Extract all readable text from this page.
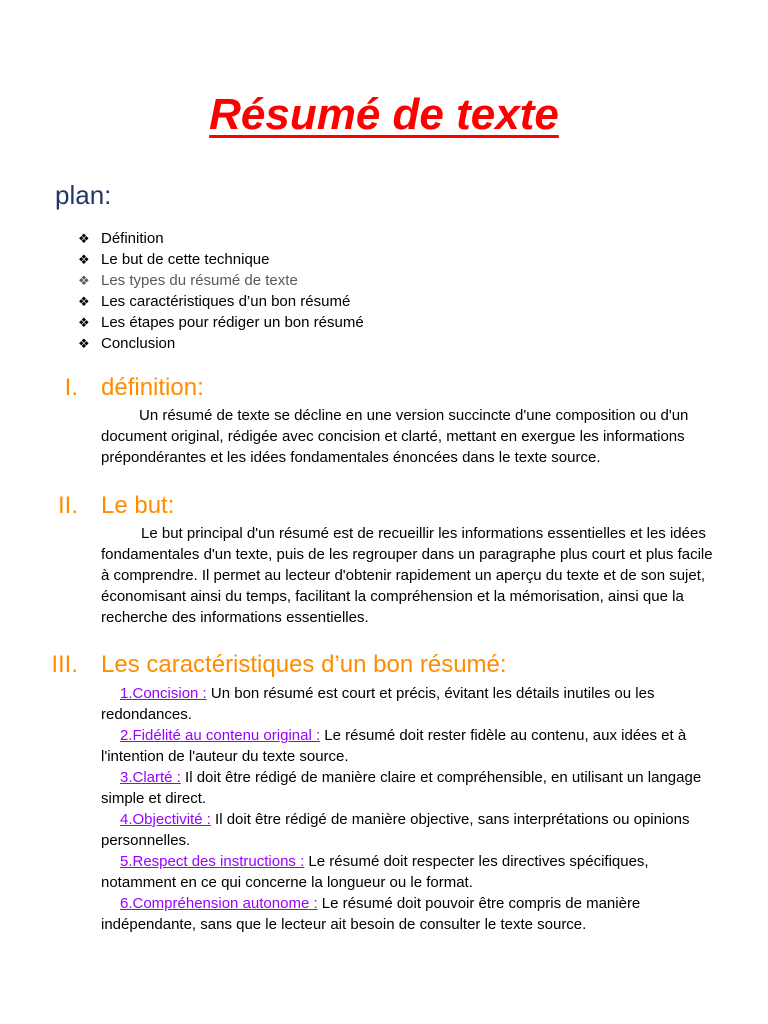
Résumé de texte
plan:
❖ Définition
❖ Le but de cette technique
❖ Les types du résumé de texte
❖ Les caractéristiques d’un bon résumé
❖ Les étapes pour rédiger un bon résumé
❖ Conclusion
I. définition:

Un résumé de texte se décline en une version succincte d'une composition ou d'un document original, rédigée avec concision et clarté, mettant en exergue les informations prépondérantes et les idées fondamentales énoncées dans le texte source.

II. Le but:

Le but principal d'un résumé est de recueillir les informations essentielles et les idées fondamentales d'un texte, puis de les regrouper dans un paragraphe plus court et plus facile à comprendre. Il permet au lecteur d'obtenir rapidement un aperçu du texte et de son sujet, économisant ainsi du temps, facilitant la compréhension et la mémorisation, ainsi que la recherche des informations essentielles.

III. Les caractéristiques d’un bon résumé:

1.Concision : Un bon résumé est court et précis, évitant les détails inutiles ou les redondances.

2.Fidélité au contenu original : Le résumé doit rester fidèle au contenu, aux idées et à l'intention de l'auteur du texte source.

3.Clarté : Il doit être rédigé de manière claire et compréhensible, en utilisant un langage simple et direct.

4.Objectivité : Il doit être rédigé de manière objective, sans interprétations ou opinions personnelles.

5.Respect des instructions : Le résumé doit respecter les directives spécifiques, notamment en ce qui concerne la longueur ou le format.

6.Compréhension autonome : Le résumé doit pouvoir être compris de manière indépendante, sans que le lecteur ait besoin de consulter le texte source.
